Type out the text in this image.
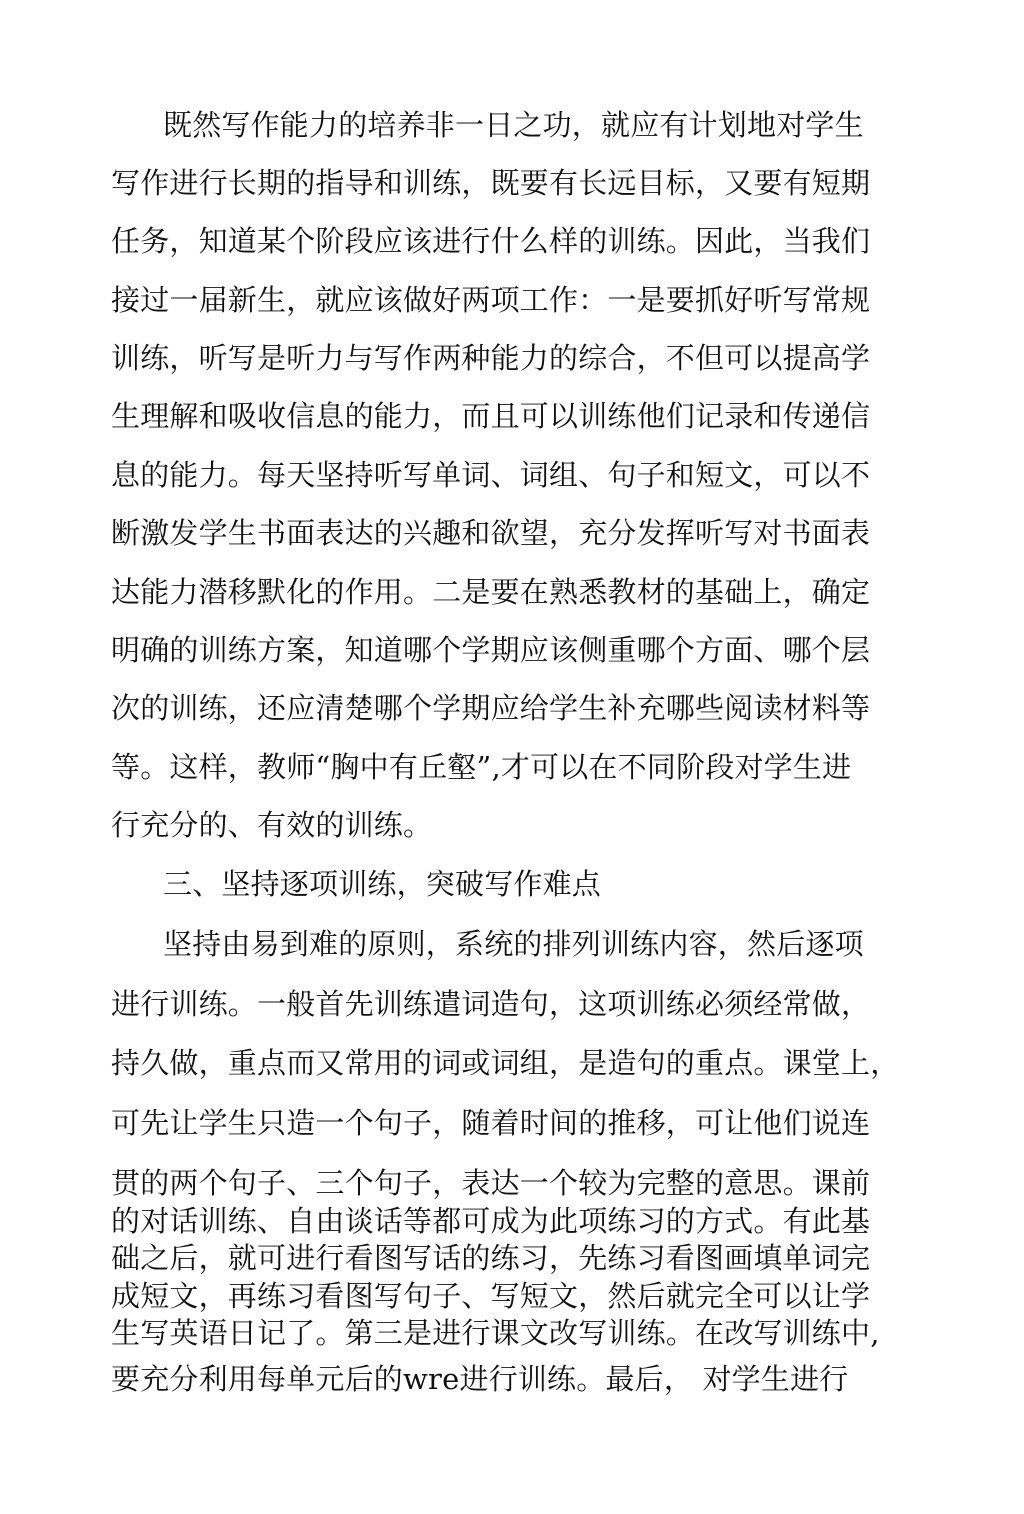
既然写作能力的培养非一日之功，就应有计划地对学生
写作进行长期的指导和训练，既要有长远目标，又要有短期
任务，知道某个阶段应该进行什么样的训练。因此，当我们
接过一届新生，就应该做好两项工作：一是要抓好听写常规
训练，听写是听力与写作两种能力的综合，不但可以提高学
生理解和吸收信息的能力，而且可以训练他们记录和传递信
息的能力。每天坚持听写单词、词组、句子和短文，可以不
断激发学生书面表达的兴趣和欲望，充分发挥听写对书面表
达能力潜移默化的作用。二是要在熟悉教材的基础上，确定
明确的训练方案，知道哪个学期应该侧重哪个方面、哪个层
次的训练，还应清楚哪个学期应给学生补充哪些阅读材料等
等。这样，教师“胸中有丘壑”,才可以在不同阶段对学生进
行充分的、有效的训练。
三、坚持逐项训练，突破写作难点
坚持由易到难的原则，系统的排列训练内容，然后逐项
进行训练。一般首先训练遣词造句，这项训练必须经常做，
持久做，重点而又常用的词或词组，是造句的重点。课堂上，
可先让学生只造一个句子，随着时间的推移，可让他们说连
贯的两个句子、三个句子，表达一个较为完整的意思。课前
的对话训练、自由谈话等都可成为此项练习的方式。有此基
础之后，就可进行看图写话的练习，先练习看图画填单词完
成短文，再练习看图写句子、写短文，然后就完全可以让学
生写英语日记了。第三是进行课文改写训练。在改写训练中,
要充分利用每单元后的wre进行训练。最后， 对学生进行
